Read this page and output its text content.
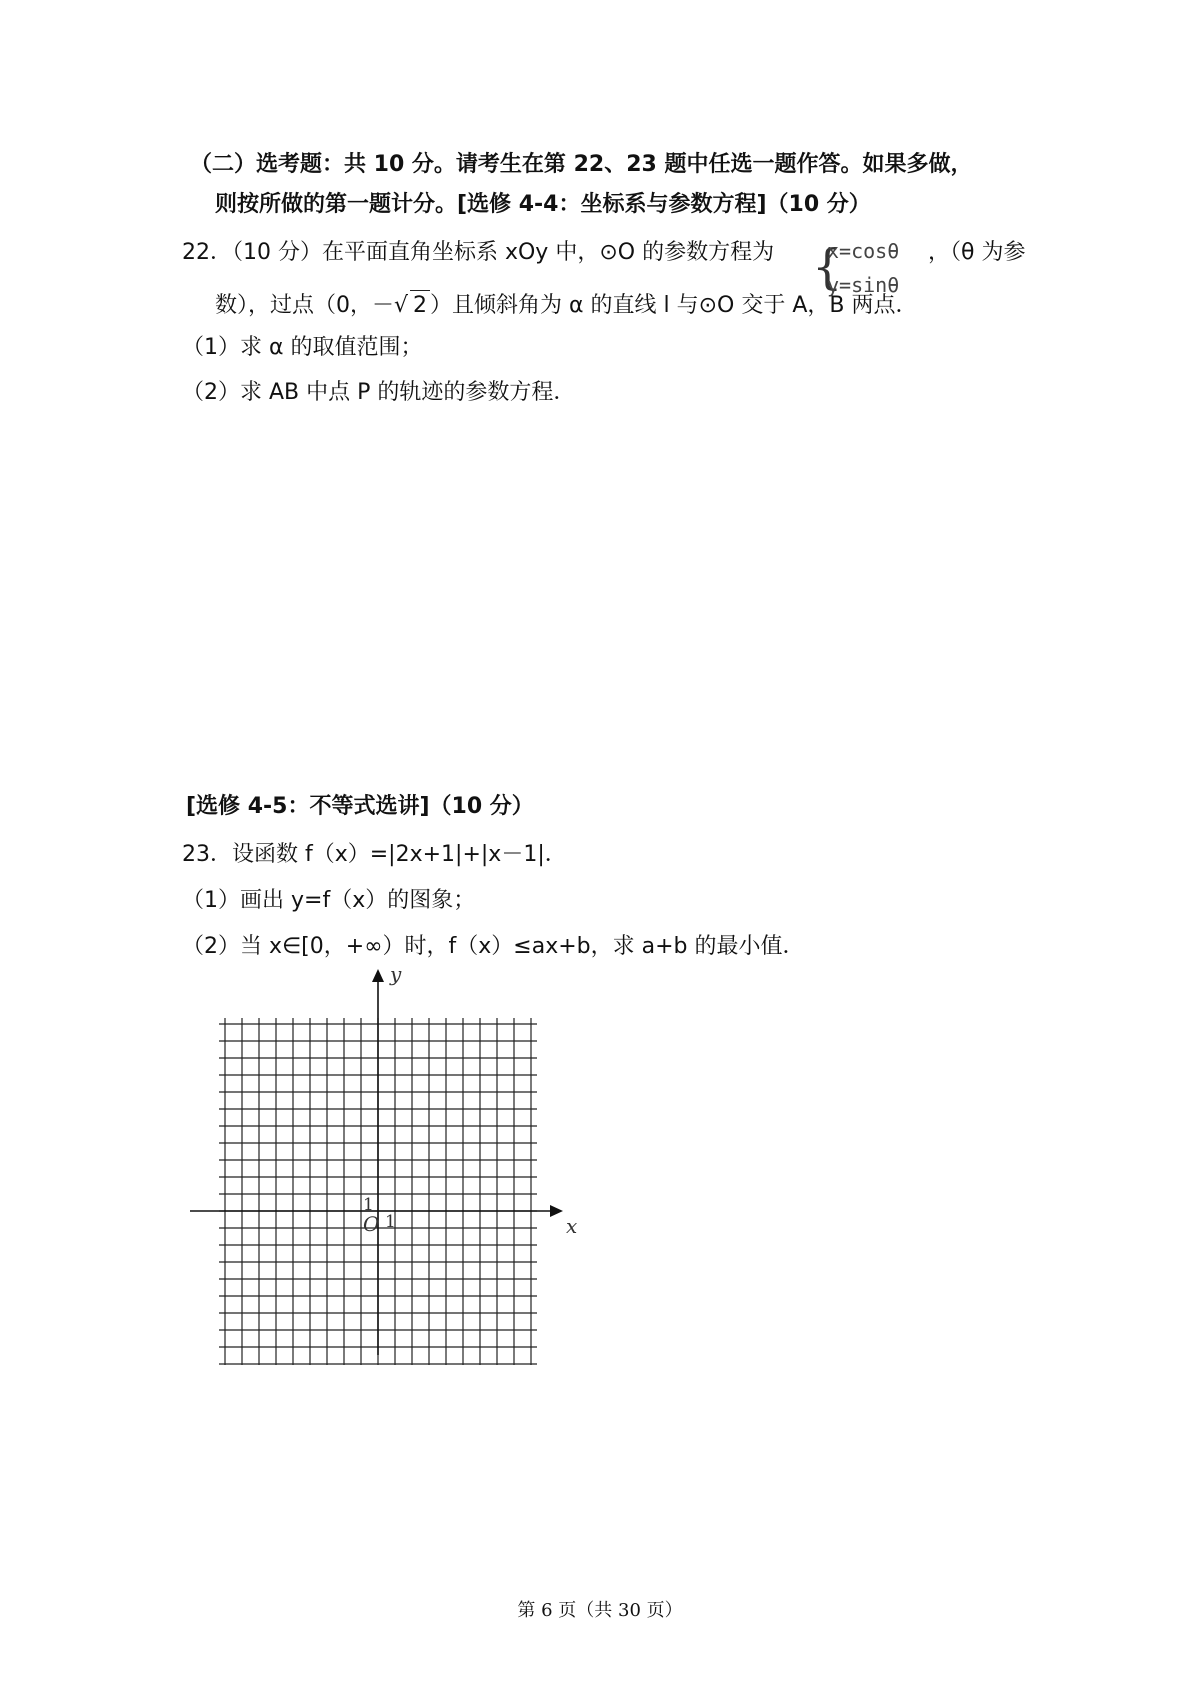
（二）选考题：共 10 分。请考生在第 22、23 题中任选一题作答。如果多做，
则按所做的第一题计分。[选修 4-4：坐标系与参数方程]（10 分）
22．（10 分）在平面直角坐标系 xOy 中，⊙O 的参数方程为 {
x=cosθ
y=sinθ
，（θ 为参
数），过点（0，－√ 2 ）且倾斜角为 α 的直线 l 与⊙O 交于 A，B 两点．
（1）求 α 的取值范围；
（2）求 AB 中点 P 的轨迹的参数方程．
[选修 4-5：不等式选讲]（10 分）
23．设函数 f（x）=|2x+1|+|x－1|．
（1）画出 y=f（x）的图象；
（2）当 x∈[0，+∞）时，f（x）≤ax+b，求 a+b 的最小值．
y
x
O 1
1
第 6 页（共 30 页）
